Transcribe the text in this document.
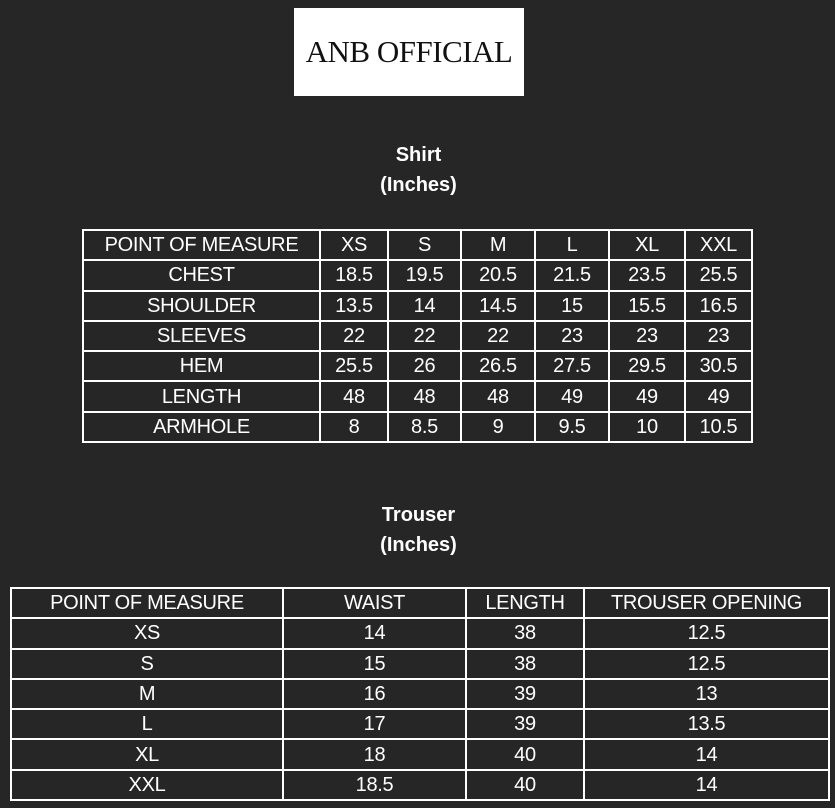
ANB OFFICIAL
Shirt
(Inches)
POINT OF MEASURE	XS	S	M	L	XL	XXL
CHEST	18.5	19.5	20.5	21.5	23.5	25.5
SHOULDER	13.5	14	14.5	15	15.5	16.5
SLEEVES	22	22	22	23	23	23
HEM	25.5	26	26.5	27.5	29.5	30.5
LENGTH	48	48	48	49	49	49
ARMHOLE	8	8.5	9	9.5	10	10.5
Trouser
(Inches)
POINT OF MEASURE	WAIST	LENGTH	TROUSER OPENING
XS	14	38	12.5
S	15	38	12.5
M	16	39	13
L	17	39	13.5
XL	18	40	14
XXL	18.5	40	14
